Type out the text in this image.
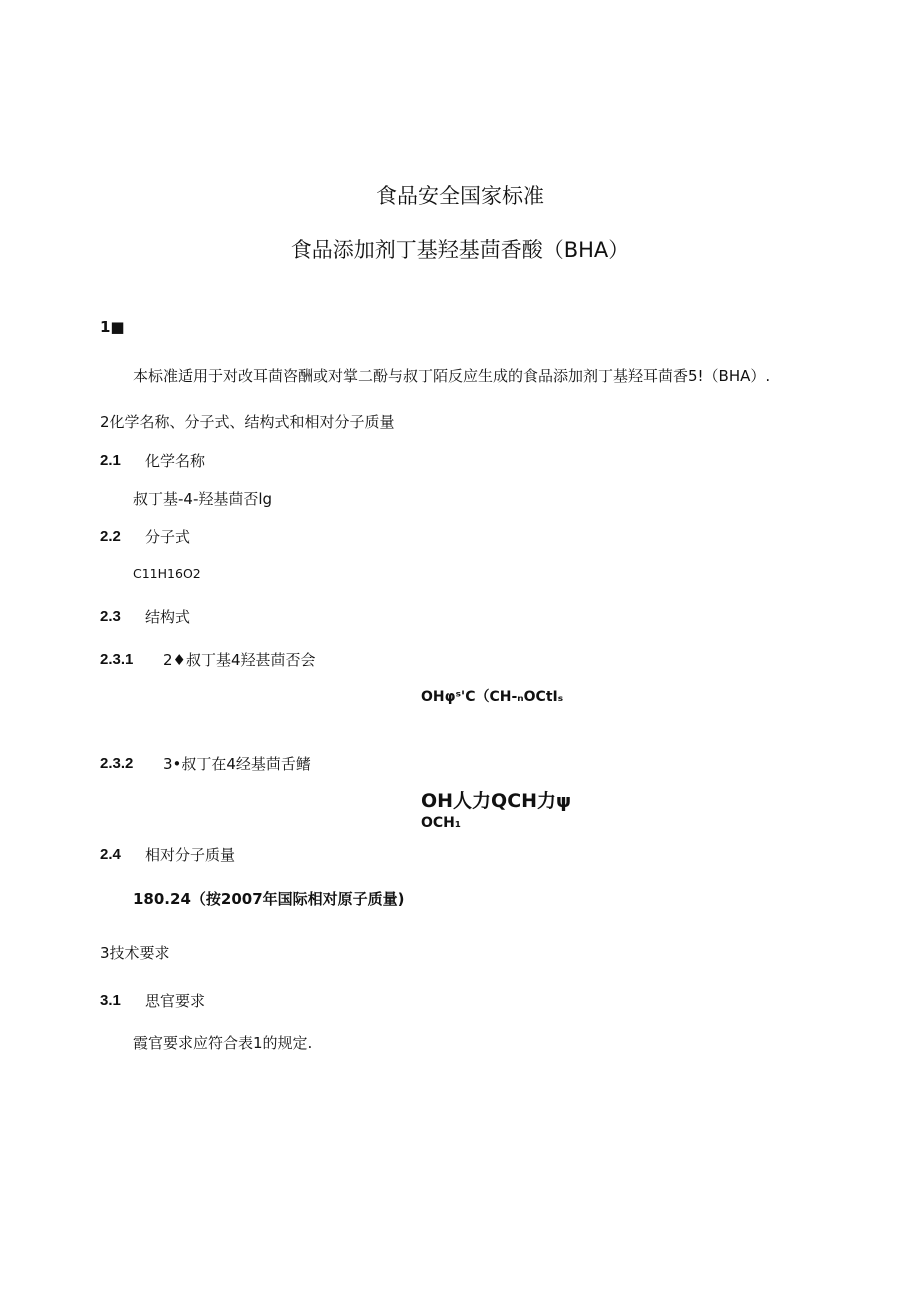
食品安全国家标准
食品添加剂丁基羟基茴香酸（BHA）
1■
本标准适用于对改耳茴咨酬或对掌二酚与叔丁陌反应生成的食品添加剂丁基羟耳茴香5!（BHA）.
2化学名称、分子式、结构式和相对分子质量
2.1 化学名称
叔丁基-4-羟基茴否lg
2.2 分子式
C11H16O2
2.3 结构式
2.3.1 2♦叔丁基4羟甚茴否会
OHφˢ'C（CH-ₙOCtIₛ
2.3.2 3•叔丁在4经基茴舌鳍
OH人力QCH力ψ
OCH₁
2.4 相对分子质量
180.24（按2007年国际相对原子质量)
3技术要求
3.1 思官要求
霞官要求应符合表1的规定.
